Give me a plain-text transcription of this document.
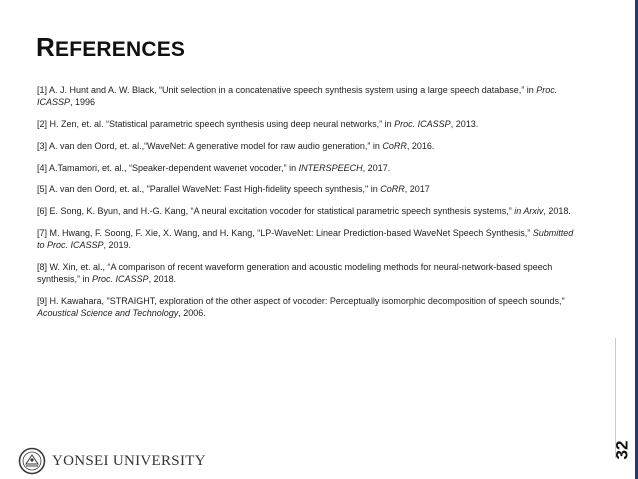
REFERENCES

[1] A. J. Hunt and A. W. Black, “Unit selection in a concatenative speech synthesis system using a large speech database,” in Proc. ICASSP, 1996

[2] H. Zen, et. al. “Statistical parametric speech synthesis using deep neural networks,” in Proc. ICASSP, 2013.

[3] A. van den Oord, et. al.,“WaveNet: A generative model for raw audio generation,” in CoRR, 2016.

[4] A.Tamamori, et. al., “Speaker-dependent wavenet vocoder,” in INTERSPEECH, 2017.

[5] A. van den Oord, et. al., "Parallel WaveNet: Fast High-fidelity speech synthesis," in CoRR, 2017

[6] E. Song, K. Byun, and H.-G. Kang, “A neural excitation vocoder for statistical parametric speech synthesis systems,” in Arxiv, 2018.

[7] M. Hwang, F. Soong, F. Xie, X. Wang, and H. Kang, “LP-WaveNet: Linear Prediction-based WaveNet Speech Synthesis,” Submitted to Proc. ICASSP, 2019.

[8] W. Xin, et. al., “A comparison of recent waveform generation and acoustic modeling methods for neural-network-based speech synthesis,” in Proc. ICASSP, 2018.

[9] H. Kawahara, "STRAIGHT, exploration of the other aspect of vocoder: Perceptually isomorphic decomposition of speech sounds," Acoustical Science and Technology, 2006.

32
YONSEI UNIVERSITY
